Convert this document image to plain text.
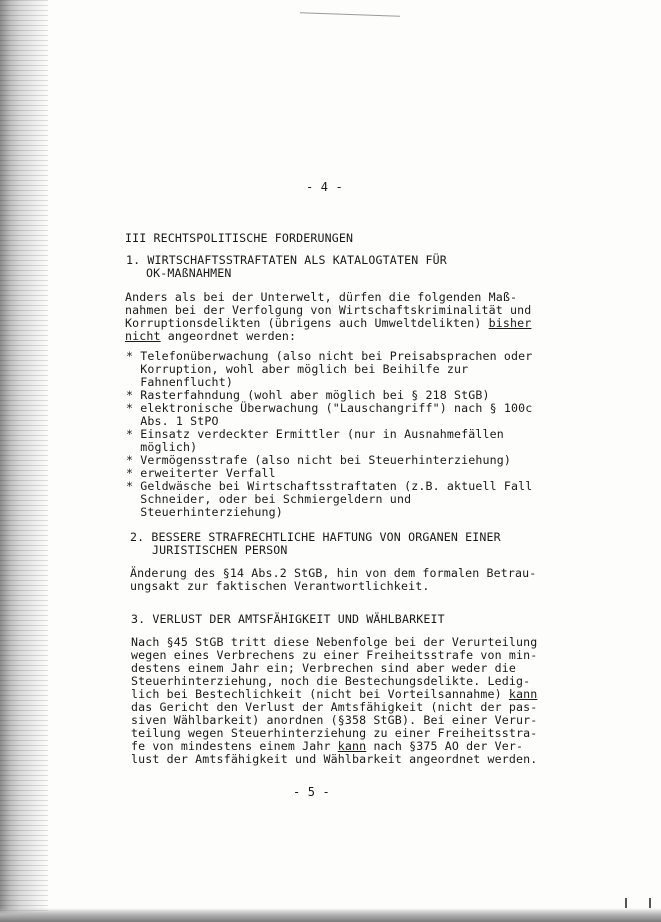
- 4 -
III RECHTSPOLITISCHE FORDERUNGEN
1. WIRTSCHAFTSSTRAFTATEN ALS KATALOGTATEN FÜR
OK-MAßNAHMEN
Anders als bei der Unterwelt, dürfen die folgenden Maß-
nahmen bei der Verfolgung von Wirtschaftskriminalität und
Korruptionsdelikten (übrigens auch Umweltdelikten) bisher
nicht angeordnet werden:
* Telefonüberwachung (also nicht bei Preisabsprachen oder
Korruption, wohl aber möglich bei Beihilfe zur
Fahnenflucht)
* Rasterfahndung (wohl aber möglich bei § 218 StGB)
* elektronische Überwachung ("Lauschangriff") nach § 100c
Abs. 1 StPO
* Einsatz verdeckter Ermittler (nur in Ausnahmefällen
möglich)
* Vermögensstrafe (also nicht bei Steuerhinterziehung)
* erweiterter Verfall
* Geldwäsche bei Wirtschaftsstraftaten (z.B. aktuell Fall
Schneider, oder bei Schmiergeldern und
Steuerhinterziehung)
2. BESSERE STRAFRECHTLICHE HAFTUNG VON ORGANEN EINER
JURISTISCHEN PERSON
Änderung des §14 Abs.2 StGB, hin von dem formalen Betrau-
ungsakt zur faktischen Verantwortlichkeit.
3. VERLUST DER AMTSFÄHIGKEIT UND WÄHLBARKEIT
Nach §45 StGB tritt diese Nebenfolge bei der Verurteilung
wegen eines Verbrechens zu einer Freiheitsstrafe von min-
destens einem Jahr ein; Verbrechen sind aber weder die
Steuerhinterziehung, noch die Bestechungsdelikte. Ledig-
lich bei Bestechlichkeit (nicht bei Vorteilsannahme) kann
das Gericht den Verlust der Amtsfähigkeit (nicht der pas-
siven Wählbarkeit) anordnen (§358 StGB). Bei einer Verur-
teilung wegen Steuerhinterziehung zu einer Freiheitsstra-
fe von mindestens einem Jahr kann nach §375 AO der Ver-
lust der Amtsfähigkeit und Wählbarkeit angeordnet werden.
- 5 -
